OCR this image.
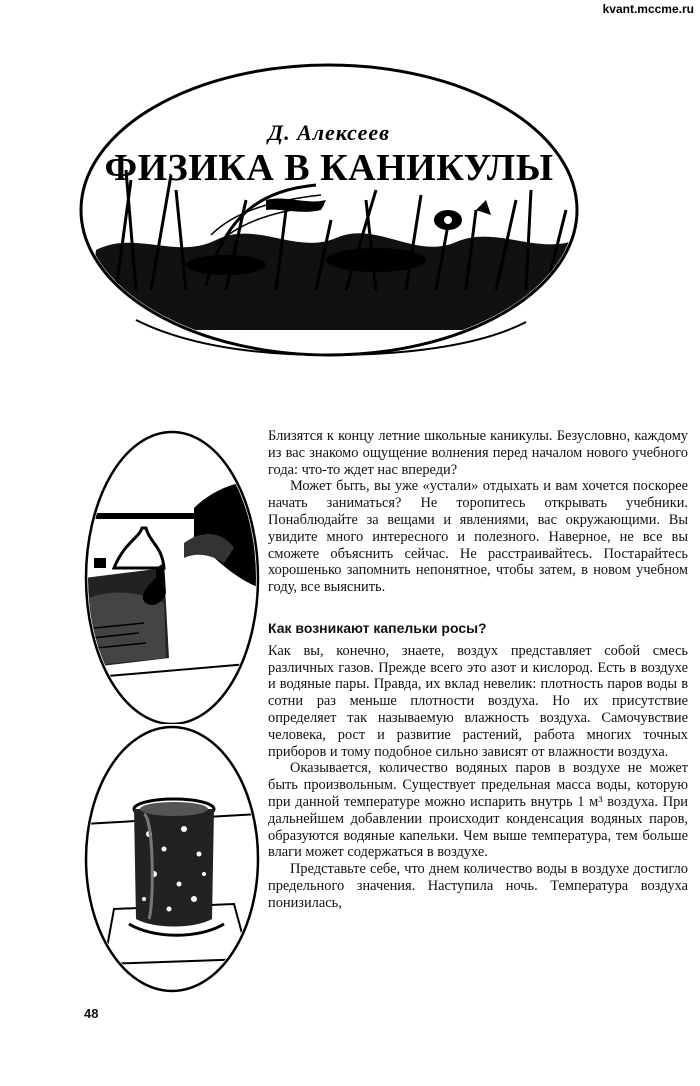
kvant.mccme.ru
Д. Алексеев
ФИЗИКА В КАНИКУЛЫ

Близятся к концу летние школьные каникулы. Безусловно, каждому из вас знакомо ощущение волнения перед началом нового учебного года: что-то ждет нас впереди?

Может быть, вы уже «устали» отдыхать и вам хочется поскорее начать заниматься? Не торопитесь открывать учебники. Понаблюдайте за вещами и явлениями, вас окружающими. Вы увидите много интересного и полезного. Наверное, не все вы сможете объяснить сейчас. Не расстраивайтесь. Постарайтесь хорошенько запомнить непонятное, чтобы затем, в новом учебном году, все выяснить.

Как возникают капельки росы?

Как вы, конечно, знаете, воздух представляет собой смесь различных газов. Прежде всего это азот и кислород. Есть в воздухе и водяные пары. Правда, их вклад невелик: плотность паров воды в сотни раз меньше плотности воздуха. Но их присутствие определяет так называемую влажность воздуха. Самочувствие человека, рост и развитие растений, работа многих точных приборов и тому подобное сильно зависят от влажности воздуха.

Оказывается, количество водяных паров в воздухе не может быть произвольным. Существует предельная масса воды, которую при данной температуре можно испарить внутрь 1 м³ воздуха. При дальнейшем добавлении происходит конденсация водяных паров, образуются водяные капельки. Чем выше температура, тем больше влаги может содержаться в воздухе.

Представьте себе, что днем количество воды в воздухе достигло предельного значения. Наступила ночь. Температура воздуха понизилась,

48
